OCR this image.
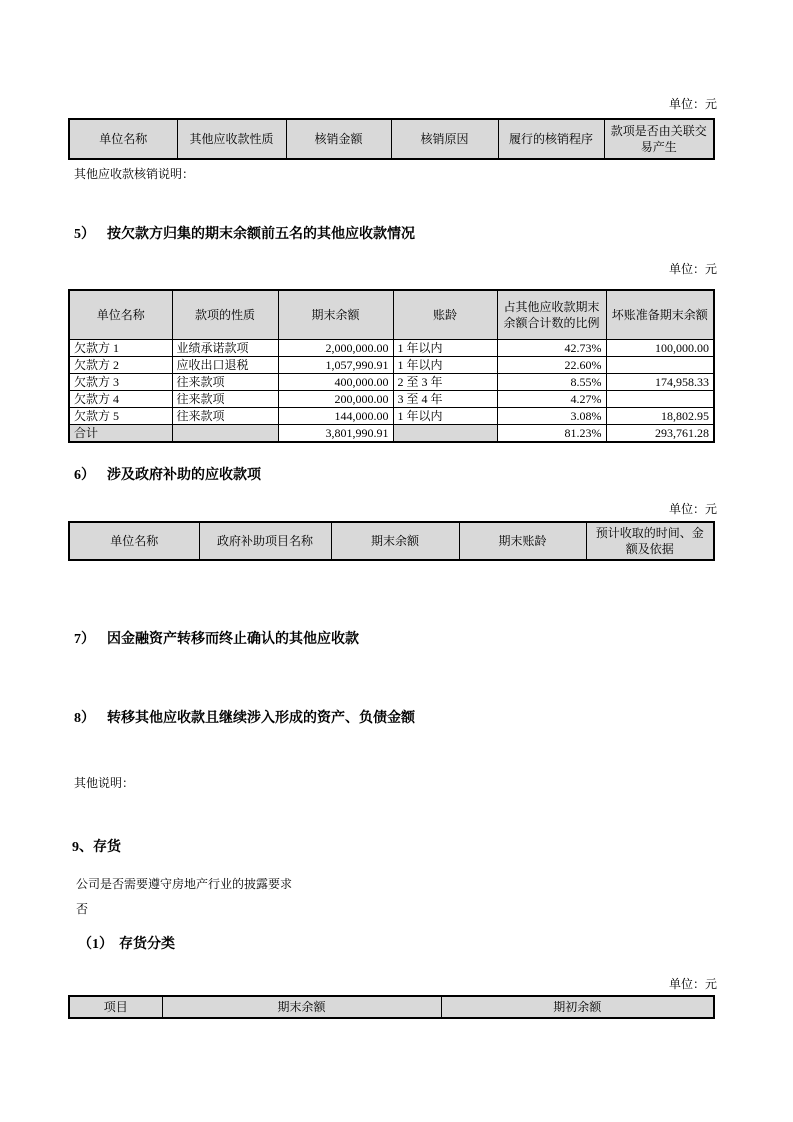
单位：元
单位名称	其他应收款性质	核销金额	核销原因	履行的核销程序	款项是否由关联交易产生
其他应收款核销说明：
5） 按欠款方归集的期末余额前五名的其他应收款情况
单位：元
单位名称	款项的性质	期末余额	账龄	占其他应收款期末余额合计数的比例	坏账准备期末余额
欠款方 1	业绩承诺款项	2,000,000.00	1 年以内	42.73%	100,000.00
欠款方 2	应收出口退税	1,057,990.91	1 年以内	22.60%	
欠款方 3	往来款项	400,000.00	2 至 3 年	8.55%	174,958.33
欠款方 4	往来款项	200,000.00	3 至 4 年	4.27%	
欠款方 5	往来款项	144,000.00	1 年以内	3.08%	18,802.95
合计		3,801,990.91		81.23%	293,761.28
6） 涉及政府补助的应收款项
单位：元
单位名称	政府补助项目名称	期末余额	期末账龄	预计收取的时间、金额及依据
7） 因金融资产转移而终止确认的其他应收款
8） 转移其他应收款且继续涉入形成的资产、负债金额
其他说明：
9、存货
公司是否需要遵守房地产行业的披露要求
否
（1） 存货分类
单位：元
项目	期末余额	期初余额
